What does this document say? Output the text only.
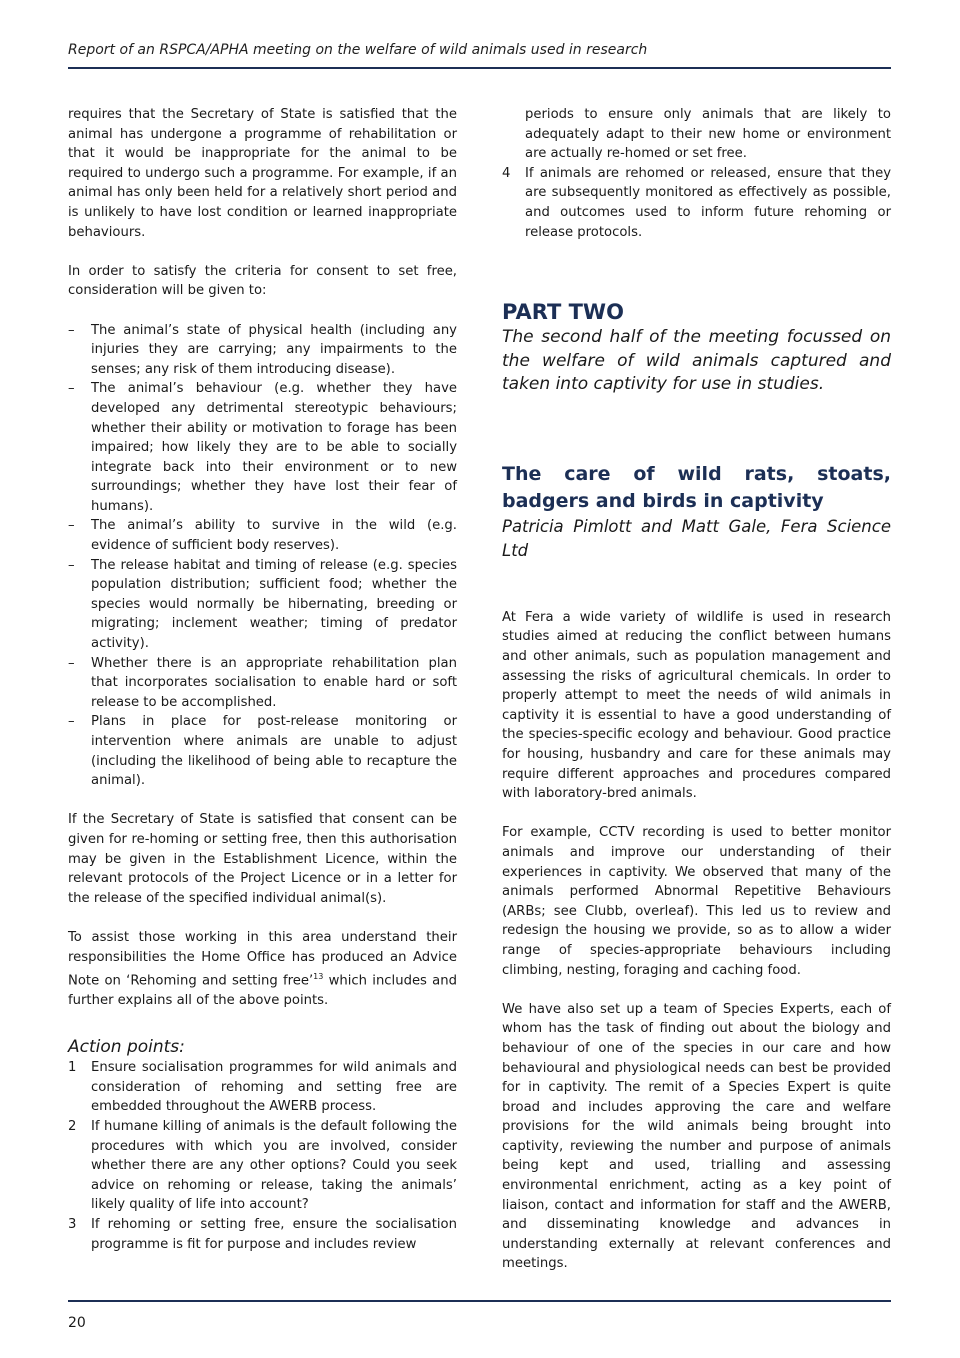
Report of an RSPCA/APHA meeting on the welfare of wild animals used in research

requires that the Secretary of State is satisfied that the animal has undergone a programme of rehabilitation or that it would be inappropriate for the animal to be required to undergo such a programme. For example, if an animal has only been held for a relatively short period and is unlikely to have lost condition or learned inappropriate behaviours.

In order to satisfy the criteria for consent to set free, consideration will be given to:

– The animal’s state of physical health (including any injuries they are carrying; any impairments to the senses; any risk of them introducing disease).
– The animal’s behaviour (e.g. whether they have developed any detrimental stereotypic behaviours; whether their ability or motivation to forage has been impaired; how likely they are to be able to socially integrate back into their environment or to new surroundings; whether they have lost their fear of humans).
– The animal’s ability to survive in the wild (e.g. evidence of sufficient body reserves).
– The release habitat and timing of release (e.g. species population distribution; sufficient food; whether the species would normally be hibernating, breeding or migrating; inclement weather; timing of predator activity).
– Whether there is an appropriate rehabilitation plan that incorporates socialisation to enable hard or soft release to be accomplished.
– Plans in place for post-release monitoring or intervention where animals are unable to adjust (including the likelihood of being able to recapture the animal).

If the Secretary of State is satisfied that consent can be given for re-homing or setting free, then this authorisation may be given in the Establishment Licence, within the relevant protocols of the Project Licence or in a letter for the release of the specified individual animal(s).

To assist those working in this area understand their responsibilities the Home Office has produced an Advice Note on ‘Rehoming and setting free’$^{13}$ which includes and further explains all of the above points.

Action points:
1 Ensure socialisation programmes for wild animals and consideration of rehoming and setting free are embedded throughout the AWERB process.
2 If humane killing of animals is the default following the procedures with which you are involved, consider whether there are any other options? Could you seek advice on rehoming or release, taking the animals’ likely quality of life into account?
3 If rehoming or setting free, ensure the socialisation programme is fit for purpose and includes review
periods to ensure only animals that are likely to adequately adapt to their new home or environment are actually re-homed or set free.
4 If animals are rehomed or released, ensure that they are subsequently monitored as effectively as possible, and outcomes used to inform future rehoming or release protocols.
PART TWO

The second half of the meeting focussed on the welfare of wild animals captured and taken into captivity for use in studies.

The care of wild rats, stoats, badgers and birds in captivity

Patricia Pimlott and Matt Gale, Fera Science Ltd

At Fera a wide variety of wildlife is used in research studies aimed at reducing the conflict between humans and other animals, such as population management and assessing the risks of agricultural chemicals. In order to properly attempt to meet the needs of wild animals in captivity it is essential to have a good understanding of the species-specific ecology and behaviour. Good practice for housing, husbandry and care for these animals may require different approaches and procedures compared with laboratory-bred animals.

For example, CCTV recording is used to better monitor animals and improve our understanding of their experiences in captivity. We observed that many of the animals performed Abnormal Repetitive Behaviours (ARBs; see Clubb, overleaf). This led us to review and redesign the housing we provide, so as to allow a wider range of species-appropriate behaviours including climbing, nesting, foraging and caching food.

We have also set up a team of Species Experts, each of whom has the task of finding out about the biology and behaviour of one of the species in our care and how behavioural and physiological needs can best be provided for in captivity. The remit of a Species Expert is quite broad and includes approving the care and welfare provisions for the wild animals being brought into captivity, reviewing the number and purpose of animals being kept and used, trialling and assessing environmental enrichment, acting as a key point of liaison, contact and information for staff and the AWERB, and disseminating knowledge and advances in understanding externally at relevant conferences and meetings.

20
